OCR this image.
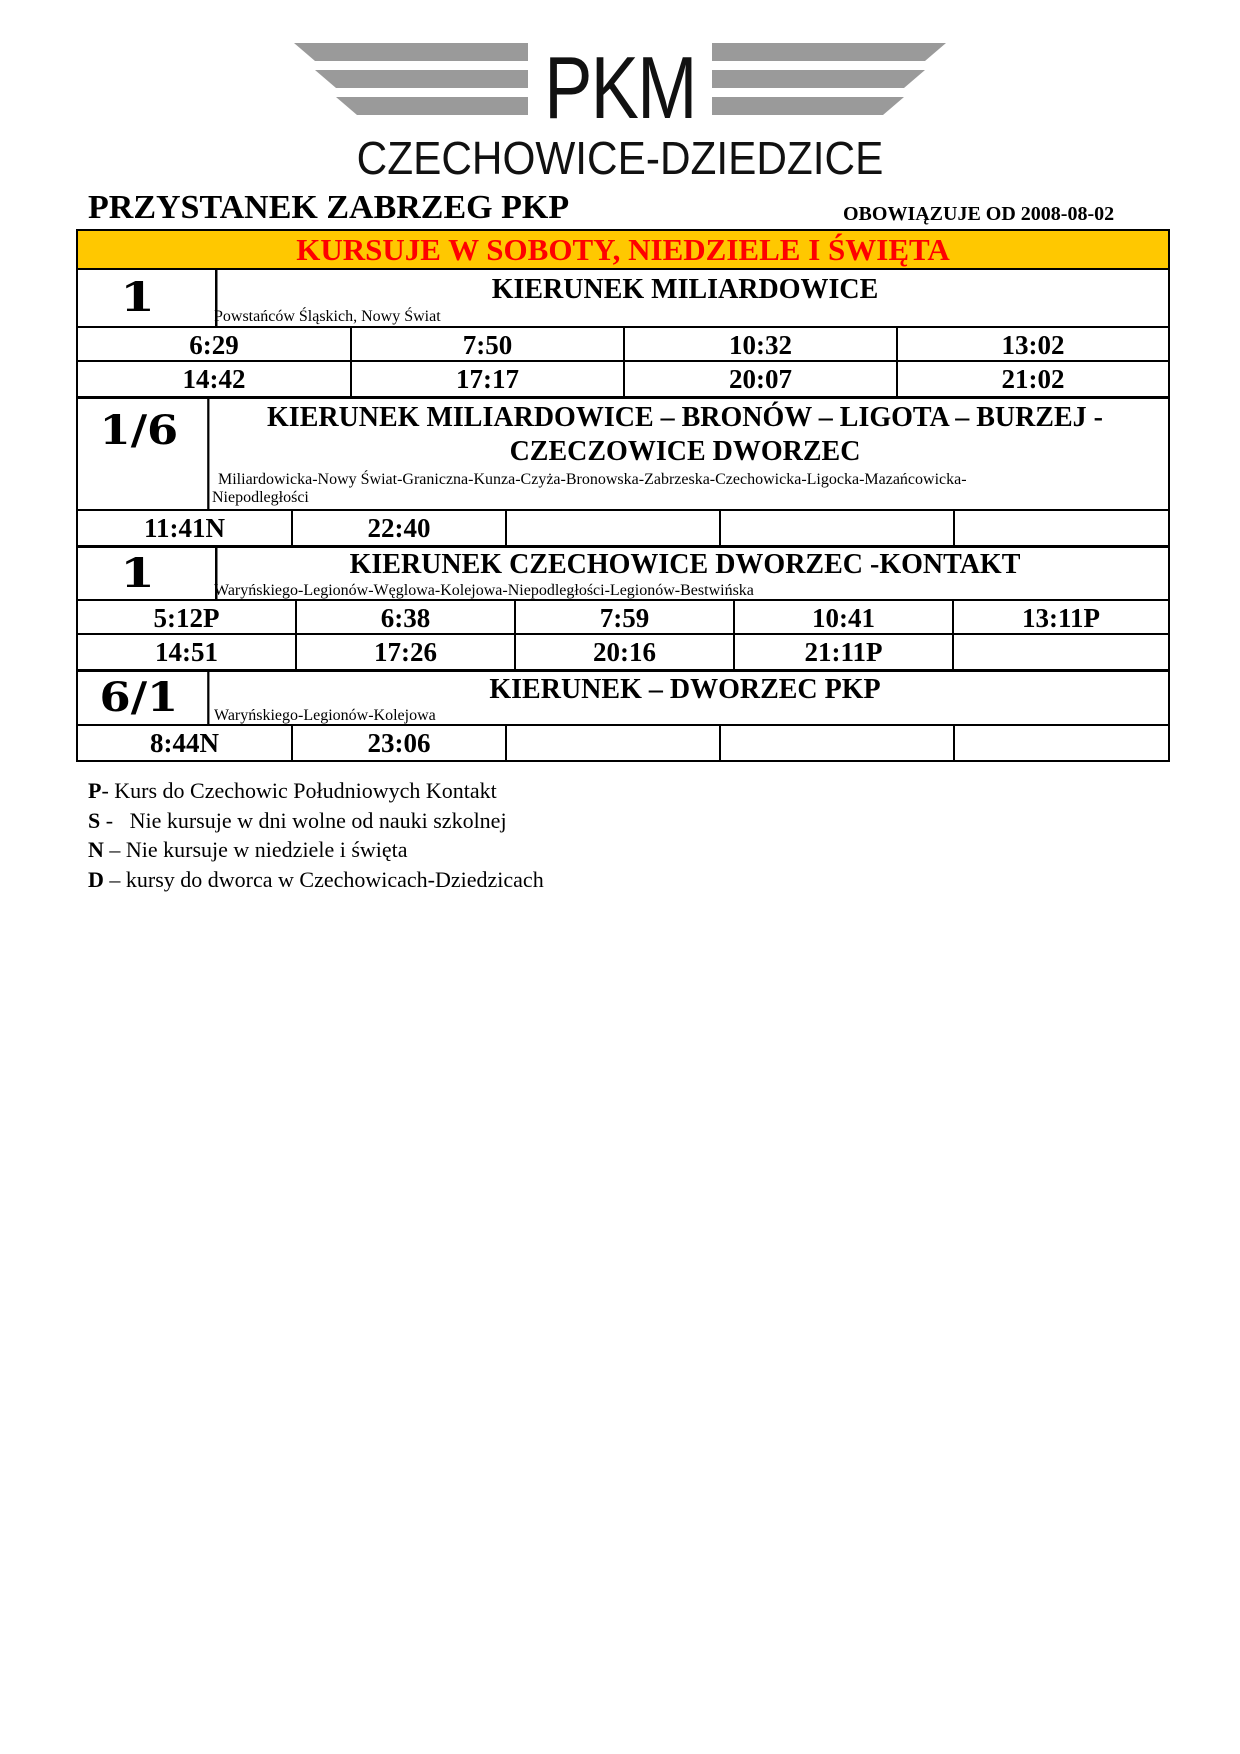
PKM
CZECHOWICE-DZIEDZICE
PRZYSTANEK ZABRZEG PKP	OBOWIĄZUJE OD 2008-08-02
KURSUJE W SOBOTY, NIEDZIELE I ŚWIĘTA
1	KIERUNEK MILIARDOWICE
Powstańców Śląskich, Nowy Świat
6:29	7:50	10:32	13:02
14:42	17:17	20:07	21:02
1/6	KIERUNEK MILIARDOWICE – BRONÓW – LIGOTA – BURZEJ -
CZECZOWICE DWORZEC
Miliardowicka-Nowy Świat-Graniczna-Kunza-Czyża-Bronowska-Zabrzeska-Czechowicka-Ligocka-Mazańcowicka-
Niepodległości
11:41N	22:40
1	KIERUNEK CZECHOWICE DWORZEC -KONTAKT
Waryńskiego-Legionów-Węglowa-Kolejowa-Niepodległości-Legionów-Bestwińska
5:12P	6:38	7:59	10:41	13:11P
14:51	17:26	20:16	21:11P
6/1	KIERUNEK – DWORZEC PKP
Waryńskiego-Legionów-Kolejowa
8:44N	23:06
P- Kurs do Czechowic Południowych Kontakt
S -   Nie kursuje w dni wolne od nauki szkolnej
N – Nie kursuje w niedziele i święta
D – kursy do dworca w Czechowicach-Dziedzicach
